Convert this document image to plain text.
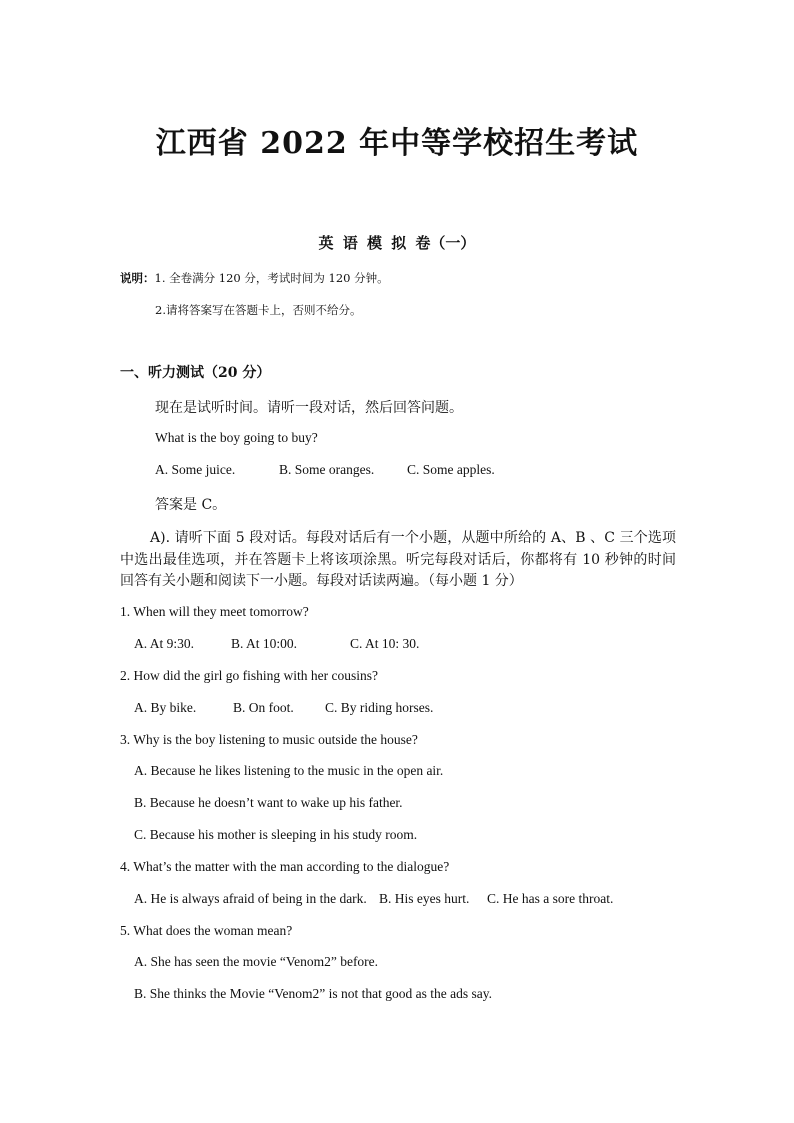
江西省 2022 年中等学校招生考试
英 语 模 拟 卷（一）
说明：1. 全卷满分 120 分，考试时间为 120 分钟。
2.请将答案写在答题卡上，否则不给分。
一、听力测试（20 分）
现在是试听时间。请听一段对话，然后回答问题。
What is the boy going to buy?
A. Some juice.	B. Some oranges. C. Some apples.
答案是 C。
A). 请听下面 5 段对话。每段对话后有一个小题，从题中所给的 A、B 、C 三个选项中选出最佳选项，并在答题卡上将该项涂黑。听完每段对话后，你都将有 10 秒钟的时间回答有关小题和阅读下一小题。每段对话读两遍。（每小题 1 分）
1. When will they meet tomorrow?
A. At 9:30.	B. At 10:00.	C. At 10: 30.
2. How did the girl go fishing with her cousins?
A. By bike.	B. On foot. C. By riding horses.
3. Why is the boy listening to music outside the house?
A. Because he likes listening to the music in the open air.
B. Because he doesn’t want to wake up his father.
C. Because his mother is sleeping in his study room.
4. What’s the matter with the man according to the dialogue?
A. He is always afraid of being in the dark. B. His eyes hurt. C. He has a sore throat.
5. What does the woman mean?
A. She has seen the movie “Venom2” before.
B. She thinks the Movie “Venom2” is not that good as the ads say.
